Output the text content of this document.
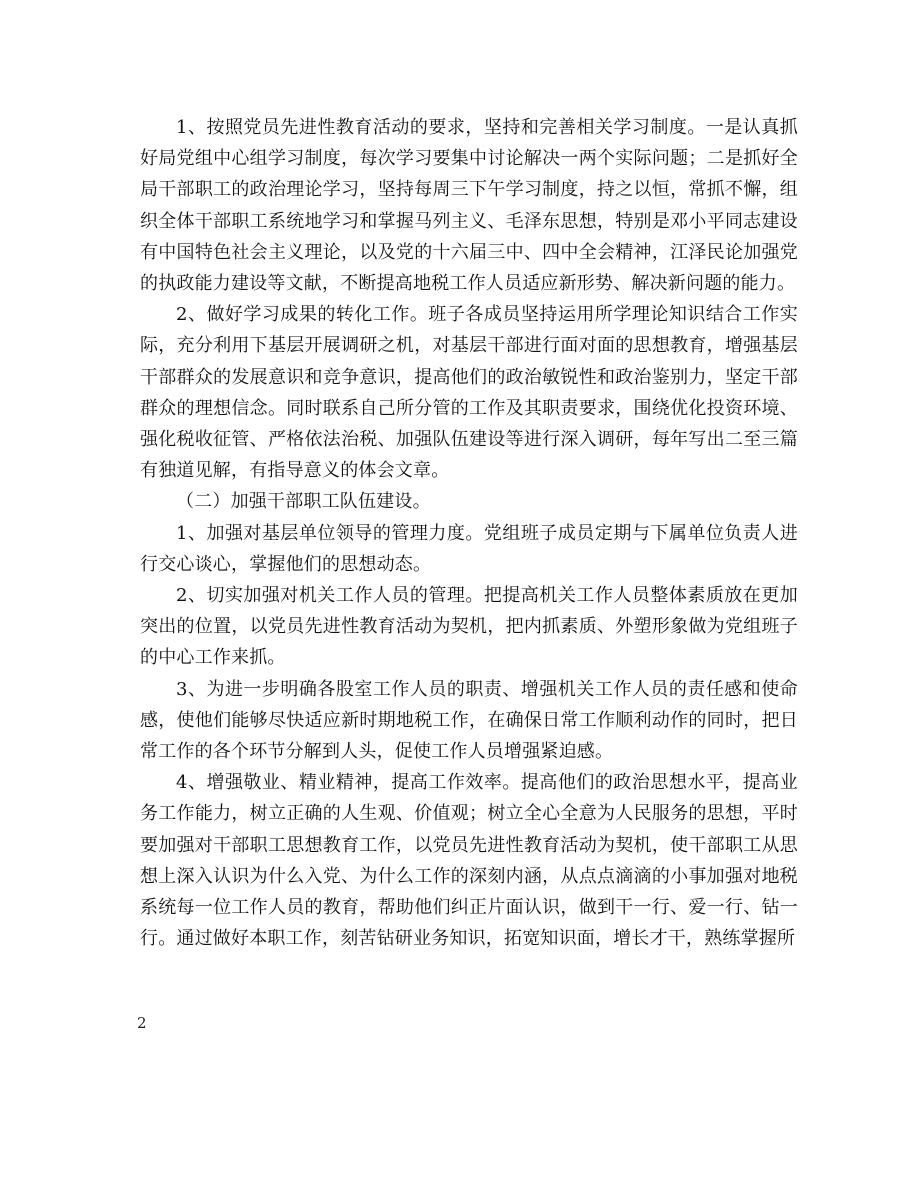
1、按照党员先进性教育活动的要求，坚持和完善相关学习制度。一是认真抓好局党组中心组学习制度，每次学习要集中讨论解决一两个实际问题；二是抓好全局干部职工的政治理论学习，坚持每周三下午学习制度，持之以恒，常抓不懈，组织全体干部职工系统地学习和掌握马列主义、毛泽东思想，特别是邓小平同志建设有中国特色社会主义理论，以及党的十六届三中、四中全会精神，江泽民论加强党的执政能力建设等文献，不断提高地税工作人员适应新形势、解决新问题的能力。

2、做好学习成果的转化工作。班子各成员坚持运用所学理论知识结合工作实际，充分利用下基层开展调研之机，对基层干部进行面对面的思想教育，增强基层干部群众的发展意识和竞争意识，提高他们的政治敏锐性和政治鉴别力，坚定干部群众的理想信念。同时联系自己所分管的工作及其职责要求，围绕优化投资环境、强化税收征管、严格依法治税、加强队伍建设等进行深入调研，每年写出二至三篇有独道见解，有指导意义的体会文章。

（二）加强干部职工队伍建设。

1、加强对基层单位领导的管理力度。党组班子成员定期与下属单位负责人进行交心谈心，掌握他们的思想动态。

2、切实加强对机关工作人员的管理。把提高机关工作人员整体素质放在更加突出的位置，以党员先进性教育活动为契机，把内抓素质、外塑形象做为党组班子的中心工作来抓。

3、为进一步明确各股室工作人员的职责、增强机关工作人员的责任感和使命感，使他们能够尽快适应新时期地税工作，在确保日常工作顺利动作的同时，把日常工作的各个环节分解到人头，促使工作人员增强紧迫感。

4、增强敬业、精业精神，提高工作效率。提高他们的政治思想水平，提高业务工作能力，树立正确的人生观、价值观；树立全心全意为人民服务的思想，平时要加强对干部职工思想教育工作，以党员先进性教育活动为契机，使干部职工从思想上深入认识为什么入党、为什么工作的深刻内涵，从点点滴滴的小事加强对地税系统每一位工作人员的教育，帮助他们纠正片面认识，做到干一行、爱一行、钻一行。通过做好本职工作，刻苦钻研业务知识，拓宽知识面，增长才干，熟练掌握所

2
